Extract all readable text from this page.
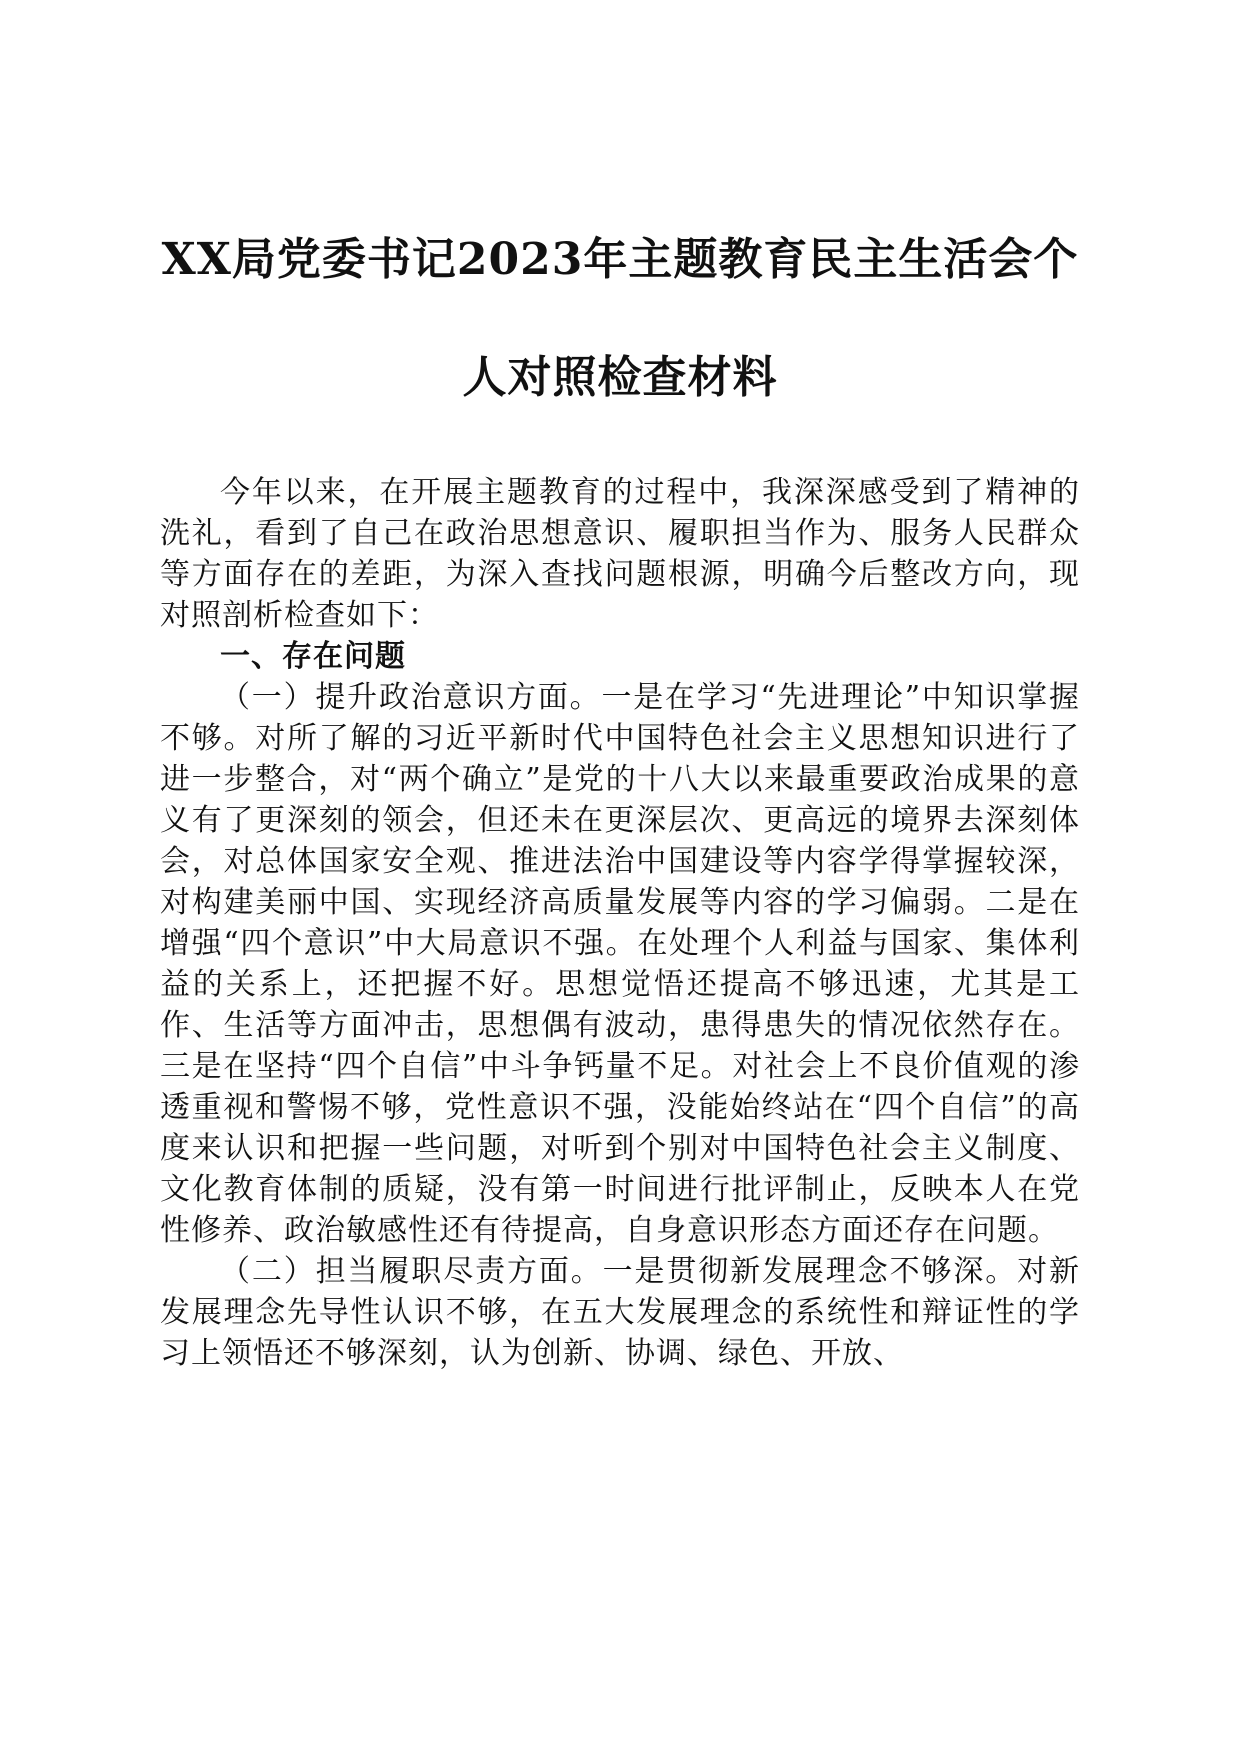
XX局党委书记2023年主题教育民主生活会个
人对照检查材料

今年以来，在开展主题教育的过程中，我深深感受到了精神的洗礼，看到了自己在政治思想意识、履职担当作为、服务人民群众等方面存在的差距，为深入查找问题根源，明确今后整改方向，现对照剖析检查如下：

一、存在问题

（一）提升政治意识方面。一是在学习“先进理论”中知识掌握不够。对所了解的习近平新时代中国特色社会主义思想知识进行了进一步整合，对“两个确立”是党的十八大以来最重要政治成果的意义有了更深刻的领会，但还未在更深层次、更高远的境界去深刻体会，对总体国家安全观、推进法治中国建设等内容学得掌握较深，对构建美丽中国、实现经济高质量发展等内容的学习偏弱。二是在增强“四个意识”中大局意识不强。在处理个人利益与国家、集体利益的关系上，还把握不好。思想觉悟还提高不够迅速，尤其是工作、生活等方面冲击，思想偶有波动，患得患失的情况依然存在。三是在坚持“四个自信”中斗争钙量不足。对社会上不良价值观的渗透重视和警惕不够，党性意识不强，没能始终站在“四个自信”的高度来认识和把握一些问题，对听到个别对中国特色社会主义制度、文化教育体制的质疑，没有第一时间进行批评制止，反映本人在党性修养、政治敏感性还有待提高，自身意识形态方面还存在问题。

（二）担当履职尽责方面。一是贯彻新发展理念不够深。对新发展理念先导性认识不够，在五大发展理念的系统性和辩证性的学习上领悟还不够深刻，认为创新、协调、绿色、开放、
